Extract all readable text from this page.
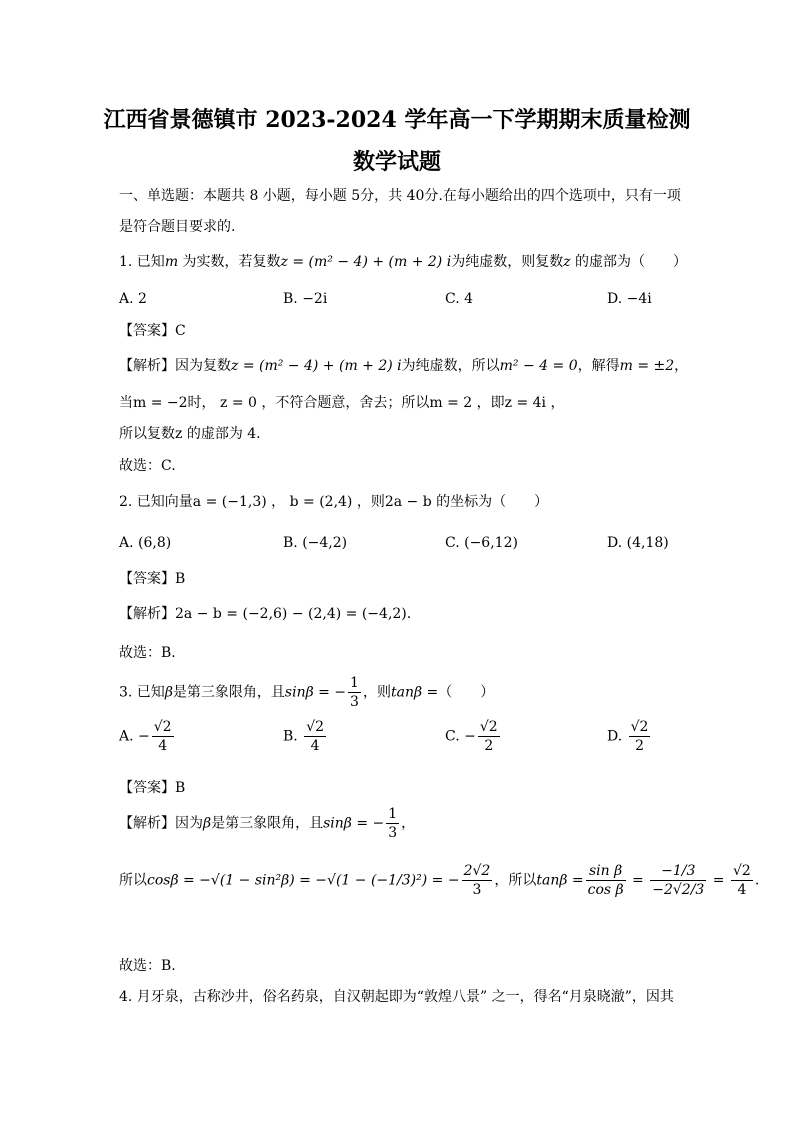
江西省景德镇市 2023-2024 学年高一下学期期末质量检测
数学试题
一、单选题：本题共 8 小题，每小题 5分，共 40分.在每小题给出的四个选项中，只有一项
是符合题目要求的.
1. 已知m 为实数，若复数z = (m² − 4) + (m + 2) i为纯虚数，则复数z 的虚部为（　　）
A. 2	B. −2i	C. 4	D. −4i
【答案】C
【解析】因为复数z = (m² − 4) + (m + 2) i为纯虚数，所以m² − 4 = 0，解得m = ±2，
当m = −2时， z = 0 ，不符合题意，舍去；所以m = 2 ，即z = 4i ，
所以复数z 的虚部为 4.
故选：C.
2. 已知向量a = (−1,3) ， b = (2,4) ，则2a − b 的坐标为（　　）
A. (6,8)	B. (−4,2)	C. (−6,12)	D. (4,18)
【答案】B
【解析】2a − b = (−2,6) − (2,4) = (−4,2).
故选：B.
3. 已知β是第三象限角，且sinβ = − $\frac{1}{3}$ ，则tanβ =（　　）
A. − $\frac{√2}{4}$	B. $\frac{√2}{4}$	C. − $\frac{√2}{2}$	D. $\frac{√2}{2}$
【答案】B
【解析】因为β是第三象限角，且sinβ = − $\frac{1}{3}$ ，
所以cosβ = −√(1 − sin²β) = −√(1 − (−1/3)²) = − $\frac{2√2}{3}$ ，所以$\tan\beta = \frac{\text{sin β}}{\text{cos β}} = \frac{-1/3}{-2√2/3} = \frac{√2}{4}$ .
故选：B.
4. 月牙泉，古称沙井，俗名药泉，自汉朝起即为“敦煌八景” 之一，得名“月泉晓澈”，因其
